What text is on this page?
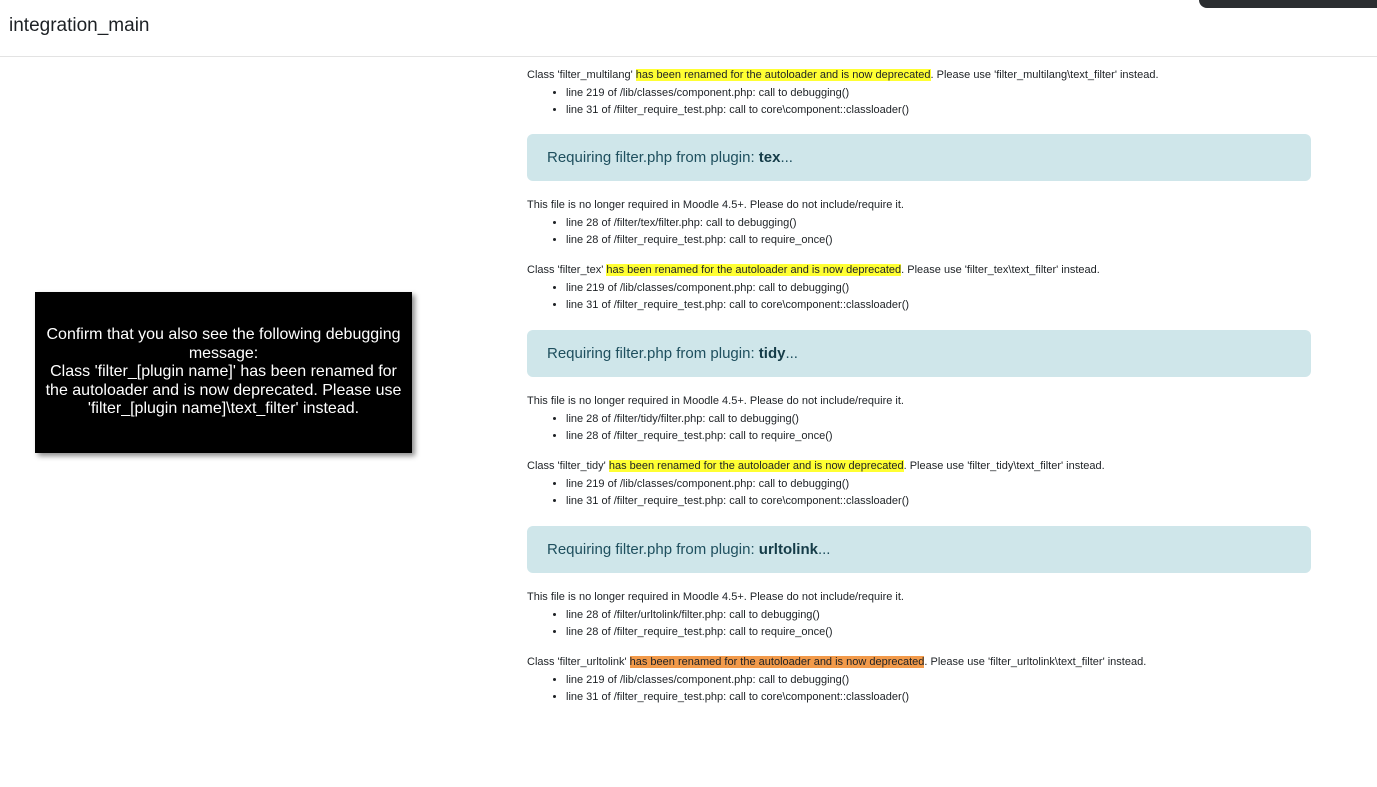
integration_main
Confirm that you also see the following debugging message:
Class 'filter_[plugin name]' has been renamed for the autoloader and is now deprecated. Please use 'filter_[plugin name]\text_filter' instead.
Class 'filter_multilang' has been renamed for the autoloader and is now deprecated. Please use 'filter_multilang\text_filter' instead.
• line 219 of /lib/classes/component.php: call to debugging()
• line 31 of /filter_require_test.php: call to core\component::classloader()
Requiring filter.php from plugin: tex ...
This file is no longer required in Moodle 4.5+. Please do not include/require it.
• line 28 of /filter/tex/filter.php: call to debugging()
• line 28 of /filter_require_test.php: call to require_once()
Class 'filter_tex' has been renamed for the autoloader and is now deprecated. Please use 'filter_tex\text_filter' instead.
• line 219 of /lib/classes/component.php: call to debugging()
• line 31 of /filter_require_test.php: call to core\component::classloader()
Requiring filter.php from plugin: tidy ...
This file is no longer required in Moodle 4.5+. Please do not include/require it.
• line 28 of /filter/tidy/filter.php: call to debugging()
• line 28 of /filter_require_test.php: call to require_once()
Class 'filter_tidy' has been renamed for the autoloader and is now deprecated. Please use 'filter_tidy\text_filter' instead.
• line 219 of /lib/classes/component.php: call to debugging()
• line 31 of /filter_require_test.php: call to core\component::classloader()
Requiring filter.php from plugin: urltolink ...
This file is no longer required in Moodle 4.5+. Please do not include/require it.
• line 28 of /filter/urltolink/filter.php: call to debugging()
• line 28 of /filter_require_test.php: call to require_once()
Class 'filter_urltolink' has been renamed for the autoloader and is now deprecated. Please use 'filter_urltolink\text_filter' instead.
• line 219 of /lib/classes/component.php: call to debugging()
• line 31 of /filter_require_test.php: call to core\component::classloader()
